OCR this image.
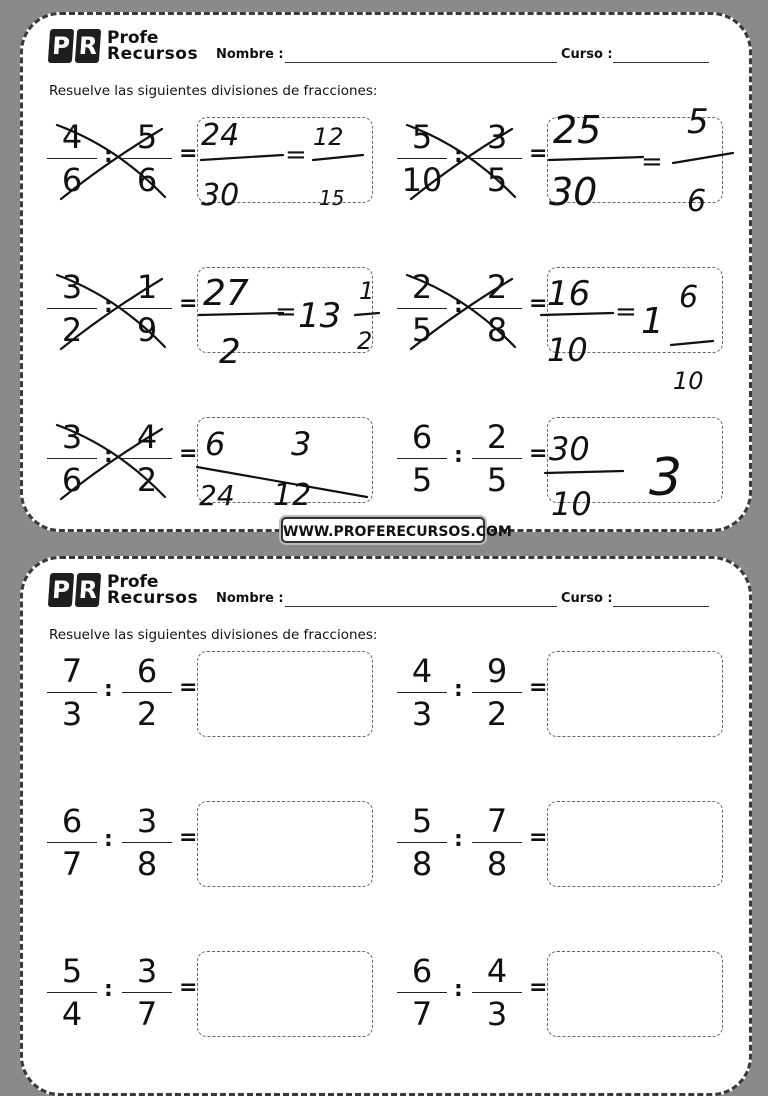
P R Profe
Recursos Nombre :	Curso :
Resuelve las siguientes divisiones de fracciones:
4
6
: 5
6
=	5
10
: 3
5
=
3
2
: 1
9
=	2
5
: 2
8
=
3
6
: 4
2
=	6
5
: 2
5
=
24
30
=
12
15
25
30
=
5
6
27
2
= 13
1
2
16
10
= 1
6
10
6
24
3
12
30
10 3
P R Profe
Recursos Nombre :	Curso :
Resuelve las siguientes divisiones de fracciones:
7
3
: 6
2
=	4
3
: 9
2
=
6
7
: 3
8
=	5
8
: 7
8
=
5
4
: 3
7
=	6
7
: 4
3
=
WWW.PROFERECURSOS.COM
